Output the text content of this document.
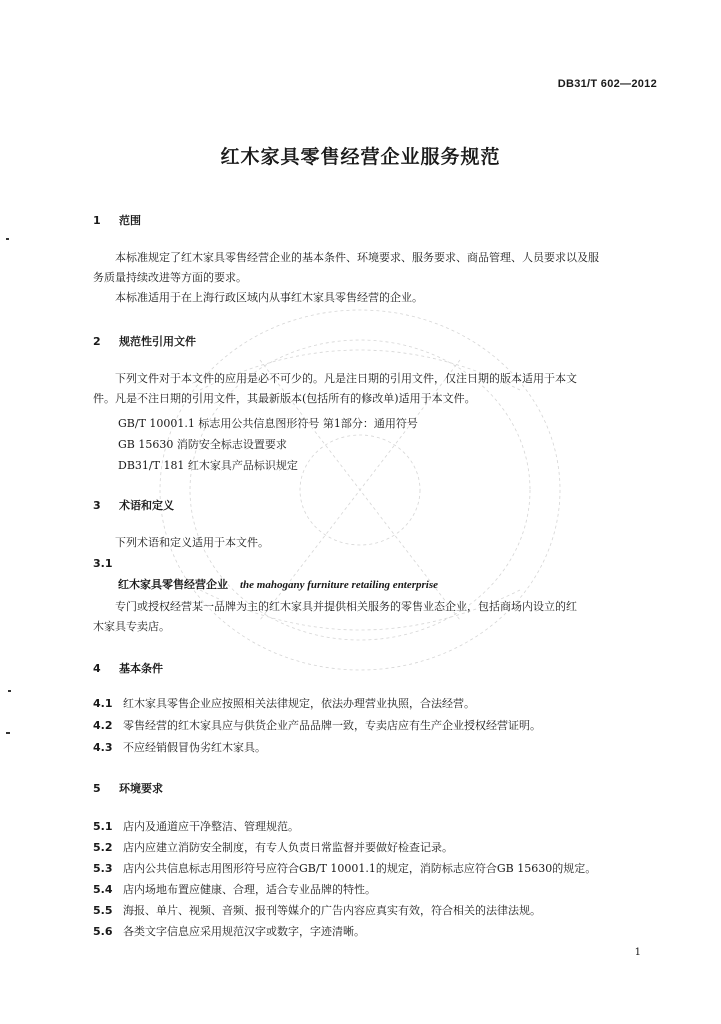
DB31/T 602—2012
红木家具零售经营企业服务规范
1 范围
本标准规定了红木家具零售经营企业的基本条件、环境要求、服务要求、商品管理、人员要求以及服
务质量持续改进等方面的要求。
本标准适用于在上海行政区域内从事红木家具零售经营的企业。
2 规范性引用文件
下列文件对于本文件的应用是必不可少的。凡是注日期的引用文件，仅注日期的版本适用于本文
件。凡是不注日期的引用文件，其最新版本(包括所有的修改单)适用于本文件。
GB/T 10001.1 标志用公共信息图形符号 第1部分：通用符号
GB 15630 消防安全标志设置要求
DB31/T 181 红木家具产品标识规定
3 术语和定义
下列术语和定义适用于本文件。
3.1
红木家具零售经营企业 the mahogany furniture retailing enterprise
专门或授权经营某一品牌为主的红木家具并提供相关服务的零售业态企业，包括商场内设立的红
木家具专卖店。
4 基本条件
4.1 红木家具零售企业应按照相关法律规定，依法办理营业执照，合法经营。
4.2 零售经营的红木家具应与供货企业产品品牌一致，专卖店应有生产企业授权经营证明。
4.3 不应经销假冒伪劣红木家具。
5 环境要求
5.1 店内及通道应干净整洁、管理规范。
5.2 店内应建立消防安全制度，有专人负责日常监督并要做好检查记录。
5.3 店内公共信息标志用图形符号应符合GB/T 10001.1的规定，消防标志应符合GB 15630的规定。
5.4 店内场地布置应健康、合理，适合专业品牌的特性。
5.5 海报、单片、视频、音频、报刊等媒介的广告内容应真实有效，符合相关的法律法规。
5.6 各类文字信息应采用规范汉字或数字，字迹清晰。
1
